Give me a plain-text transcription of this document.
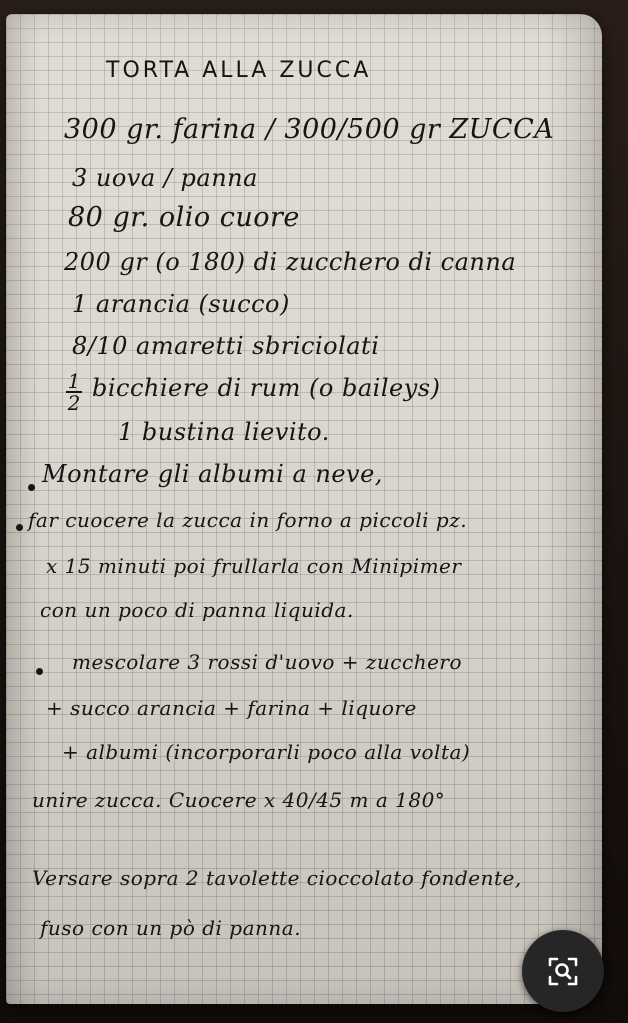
TORTA ALLA ZUCCA
300 gr. farina / 300/500 gr ZUCCA
3 uova / panna
80 gr. olio cuore
200 gr (o 180) di zucchero di canna
1 arancia (succo)
8/10 amaretti sbriciolati
1
2
bicchiere di rum (o baileys)
1 bustina lievito.
Montare gli albumi a neve,
far cuocere la zucca in forno a piccoli pz.
x 15 minuti poi frullarla con Minipimer
con un poco di panna liquida.
mescolare 3 rossi d'uovo + zucchero
+ succo arancia + farina + liquore
+ albumi (incorporarli poco alla volta)
unire zucca. Cuocere x 40/45 m a 180°
Versare sopra 2 tavolette cioccolato fondente,
fuso con un pò di panna.
